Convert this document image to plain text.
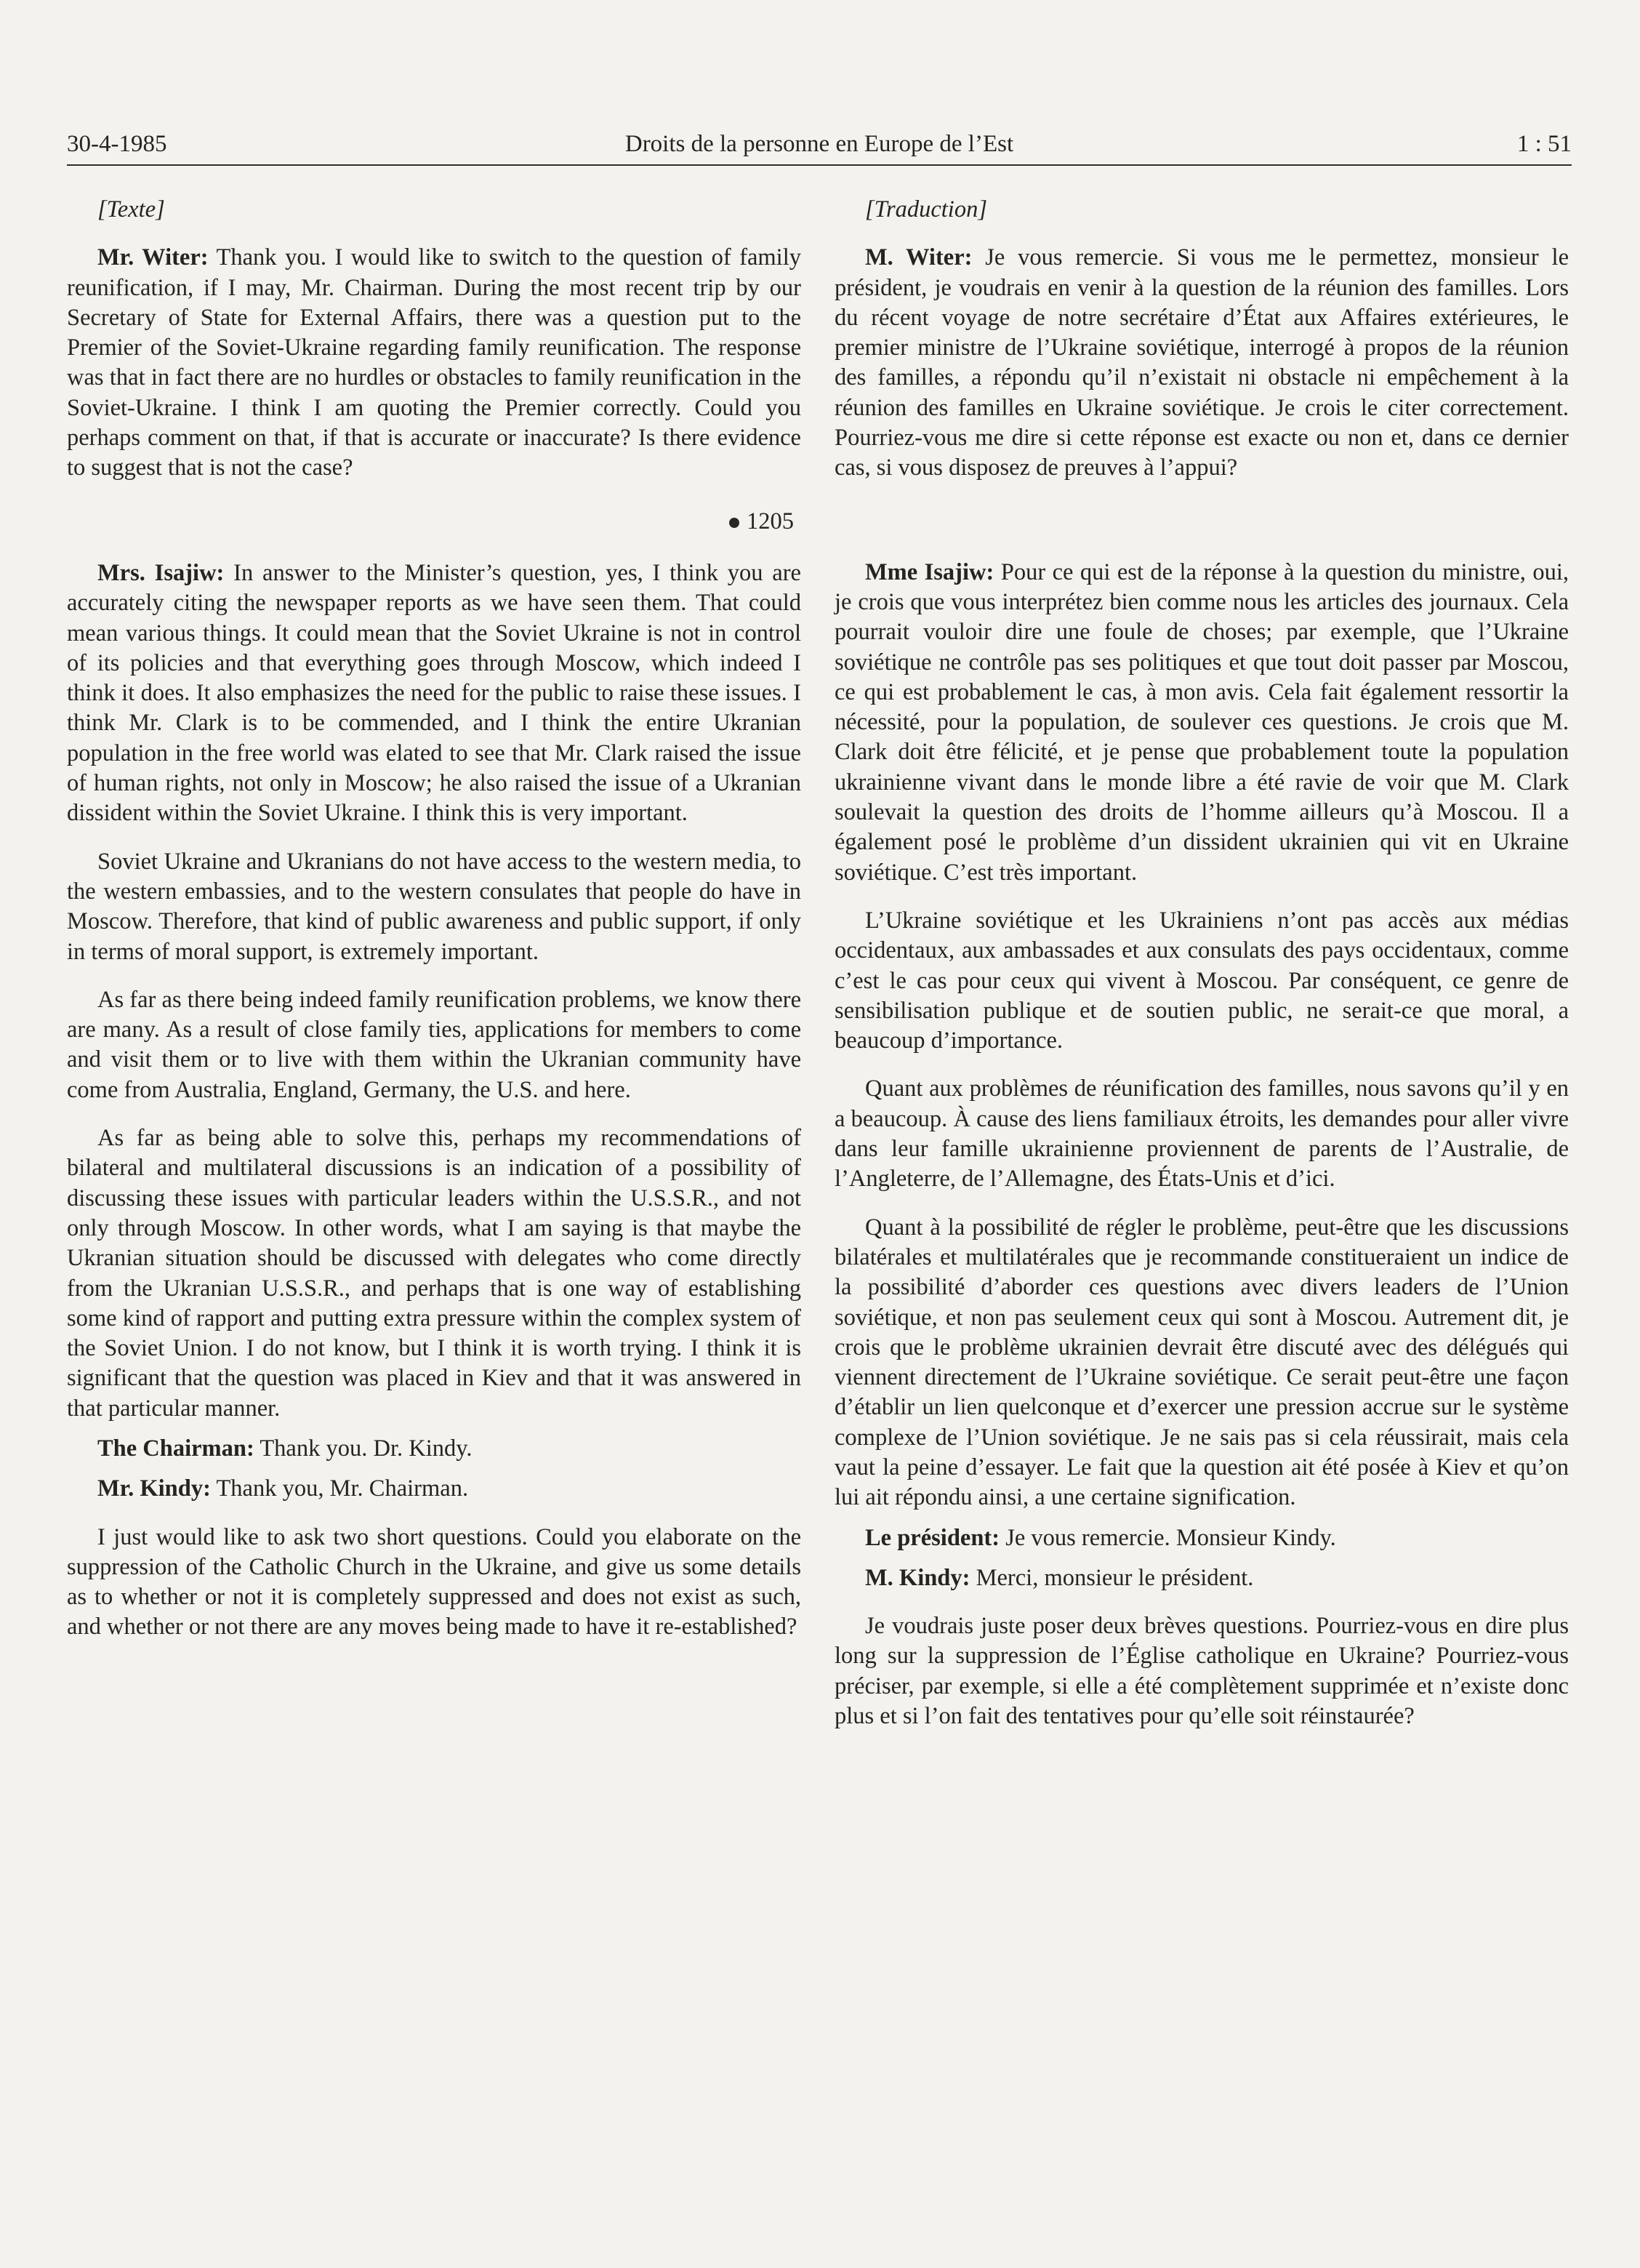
30-4-1985	Droits de la personne en Europe de l’Est	1 : 51

[Texte]

Mr. Witer: Thank you. I would like to switch to the question of family reunification, if I may, Mr. Chairman. During the most recent trip by our Secretary of State for External Affairs, there was a question put to the Premier of the Soviet-Ukraine regarding family reunification. The response was that in fact there are no hurdles or obstacles to family reunification in the Soviet-Ukraine. I think I am quoting the Premier correctly. Could you perhaps comment on that, if that is accurate or inaccurate? Is there evidence to suggest that is not the case?

1205

Mrs. Isajiw: In answer to the Minister’s question, yes, I think you are accurately citing the newspaper reports as we have seen them. That could mean various things. It could mean that the Soviet Ukraine is not in control of its policies and that everything goes through Moscow, which indeed I think it does. It also emphasizes the need for the public to raise these issues. I think Mr. Clark is to be commended, and I think the entire Ukranian population in the free world was elated to see that Mr. Clark raised the issue of human rights, not only in Moscow; he also raised the issue of a Ukranian dissident within the Soviet Ukraine. I think this is very important.

Soviet Ukraine and Ukranians do not have access to the western media, to the western embassies, and to the western consulates that people do have in Moscow. Therefore, that kind of public awareness and public support, if only in terms of moral support, is extremely important.

As far as there being indeed family reunification problems, we know there are many. As a result of close family ties, applications for members to come and visit them or to live with them within the Ukranian community have come from Australia, England, Germany, the U.S. and here.

As far as being able to solve this, perhaps my recommendations of bilateral and multilateral discussions is an indication of a possibility of discussing these issues with particular leaders within the U.S.S.R., and not only through Moscow. In other words, what I am saying is that maybe the Ukranian situation should be discussed with delegates who come directly from the Ukranian U.S.S.R., and perhaps that is one way of establishing some kind of rapport and putting extra pressure within the complex system of the Soviet Union. I do not know, but I think it is worth trying. I think it is significant that the question was placed in Kiev and that it was answered in that particular manner.

The Chairman: Thank you. Dr. Kindy.

Mr. Kindy: Thank you, Mr. Chairman.

I just would like to ask two short questions. Could you elaborate on the suppression of the Catholic Church in the Ukraine, and give us some details as to whether or not it is completely suppressed and does not exist as such, and whether or not there are any moves being made to have it re-established?

[Traduction]

M. Witer: Je vous remercie. Si vous me le permettez, monsieur le président, je voudrais en venir à la question de la réunion des familles. Lors du récent voyage de notre secrétaire d’État aux Affaires extérieures, le premier ministre de l’Ukraine soviétique, interrogé à propos de la réunion des familles, a répondu qu’il n’existait ni obstacle ni empêchement à la réunion des familles en Ukraine soviétique. Je crois le citer correctement. Pourriez-vous me dire si cette réponse est exacte ou non et, dans ce dernier cas, si vous disposez de preuves à l’appui?

Mme Isajiw: Pour ce qui est de la réponse à la question du ministre, oui, je crois que vous interprétez bien comme nous les articles des journaux. Cela pourrait vouloir dire une foule de choses; par exemple, que l’Ukraine soviétique ne contrôle pas ses politiques et que tout doit passer par Moscou, ce qui est probablement le cas, à mon avis. Cela fait également ressortir la nécessité, pour la population, de soulever ces questions. Je crois que M. Clark doit être félicité, et je pense que probablement toute la population ukrainienne vivant dans le monde libre a été ravie de voir que M. Clark soulevait la question des droits de l’homme ailleurs qu’à Moscou. Il a également posé le problème d’un dissident ukrainien qui vit en Ukraine soviétique. C’est très important.

L’Ukraine soviétique et les Ukrainiens n’ont pas accès aux médias occidentaux, aux ambassades et aux consulats des pays occidentaux, comme c’est le cas pour ceux qui vivent à Moscou. Par conséquent, ce genre de sensibilisation publique et de soutien public, ne serait-ce que moral, a beaucoup d’importance.

Quant aux problèmes de réunification des familles, nous savons qu’il y en a beaucoup. À cause des liens familiaux étroits, les demandes pour aller vivre dans leur famille ukrainienne proviennent de parents de l’Australie, de l’Angleterre, de l’Allemagne, des États-Unis et d’ici.

Quant à la possibilité de régler le problème, peut-être que les discussions bilatérales et multilatérales que je recommande constitueraient un indice de la possibilité d’aborder ces questions avec divers leaders de l’Union soviétique, et non pas seulement ceux qui sont à Moscou. Autrement dit, je crois que le problème ukrainien devrait être discuté avec des délégués qui viennent directement de l’Ukraine soviétique. Ce serait peut-être une façon d’établir un lien quelconque et d’exercer une pression accrue sur le système complexe de l’Union soviétique. Je ne sais pas si cela réussirait, mais cela vaut la peine d’essayer. Le fait que la question ait été posée à Kiev et qu’on lui ait répondu ainsi, a une certaine signification.

Le président: Je vous remercie. Monsieur Kindy.

M. Kindy: Merci, monsieur le président.

Je voudrais juste poser deux brèves questions. Pourriez-vous en dire plus long sur la suppression de l’Église catholique en Ukraine? Pourriez-vous préciser, par exemple, si elle a été complètement supprimée et n’existe donc plus et si l’on fait des tentatives pour qu’elle soit réinstaurée?
